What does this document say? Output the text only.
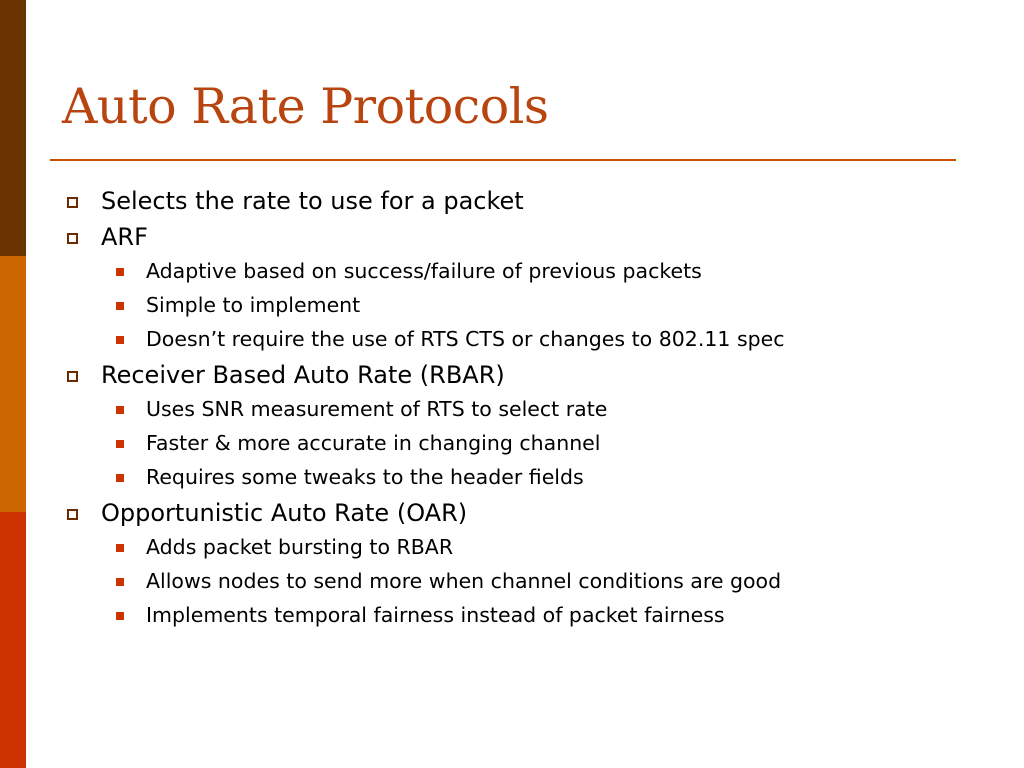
Auto Rate Protocols
Selects the rate to use for a packet
ARF
Adaptive based on success/failure of previous packets
Simple to implement
Doesn’t require the use of RTS CTS or changes to 802.11 spec
Receiver Based Auto Rate (RBAR)
Uses SNR measurement of RTS to select rate
Faster & more accurate in changing channel
Requires some tweaks to the header fields
Opportunistic Auto Rate (OAR)
Adds packet bursting to RBAR
Allows nodes to send more when channel conditions are good
Implements temporal fairness instead of packet fairness
